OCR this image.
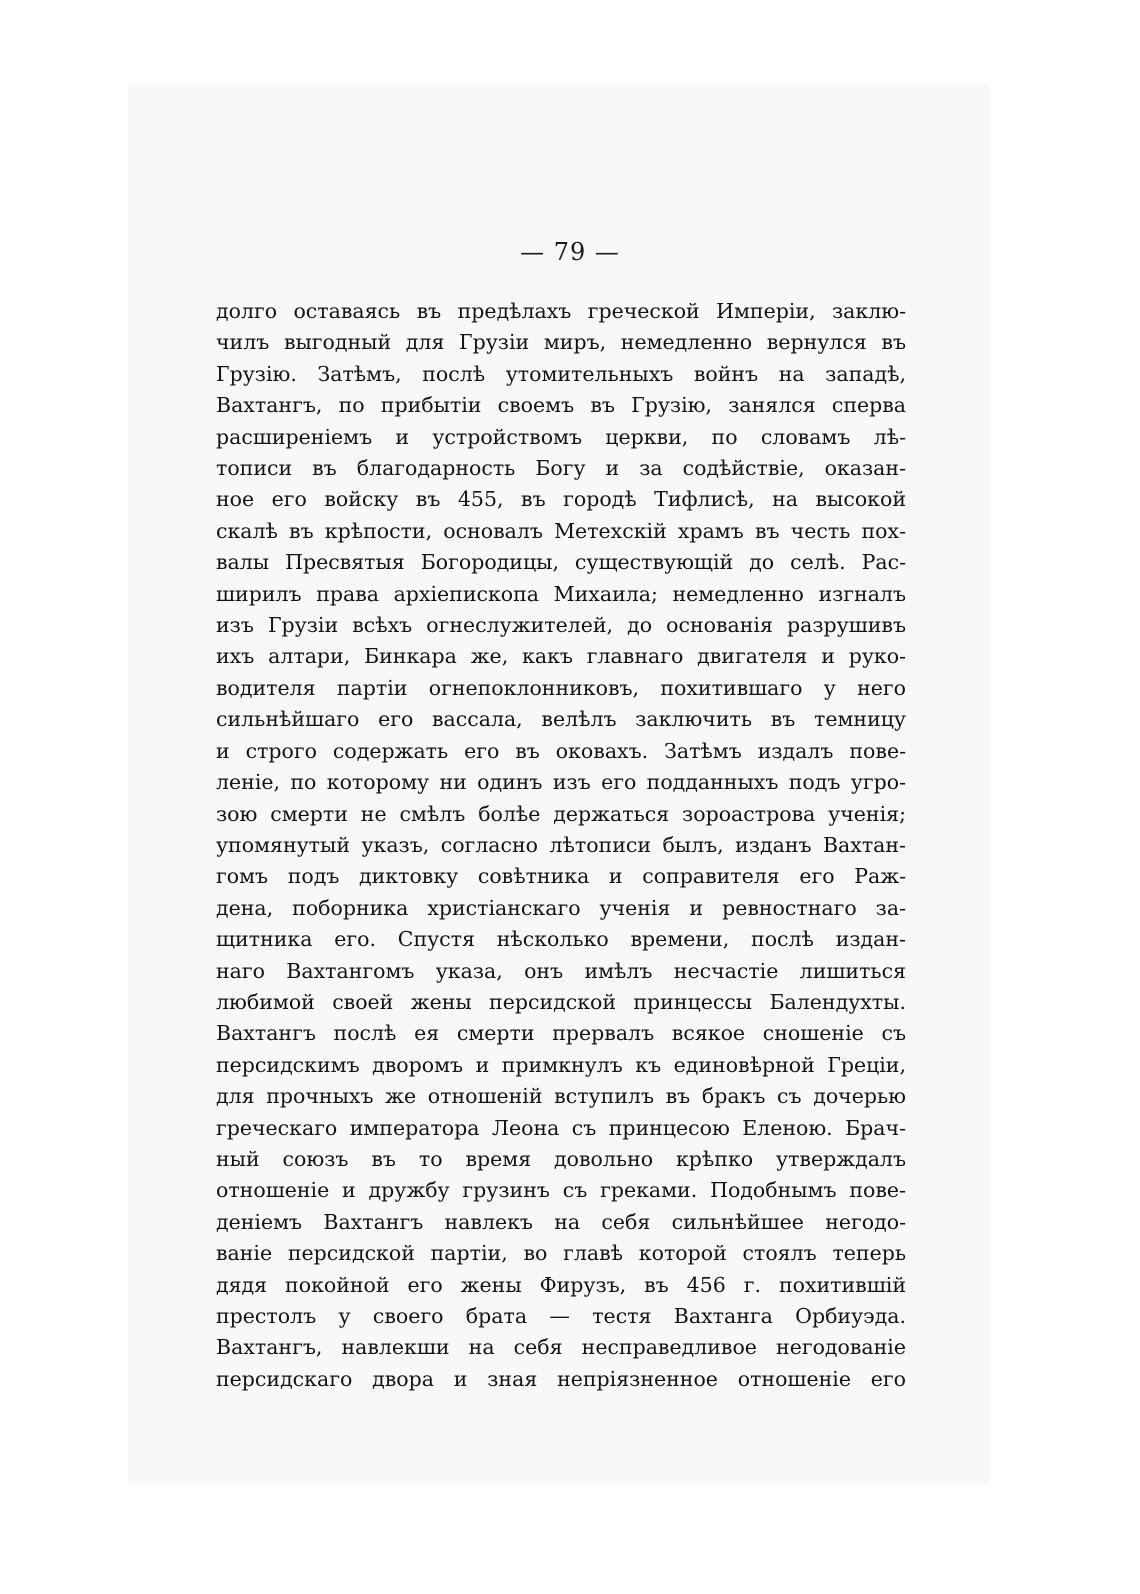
— 79 —
долго оставаясь въ предѣлахъ греческой Имперіи, заклю-
чилъ выгодный для Грузіи миръ, немедленно вернулся въ
Грузію. Затѣмъ, послѣ утомительныхъ войнъ на западѣ,
Вахтангъ, по прибытіи своемъ въ Грузію, занялся сперва
расширеніемъ и устройствомъ церкви, по словамъ лѣ-
тописи въ благодарность Богу и за содѣйствіе, оказан-
ное его войску въ 455, въ городѣ Тифлисѣ, на высокой
скалѣ въ крѣпости, основалъ Метехскій храмъ въ честь пох-
валы Пресвятыя Богородицы, существующій до селѣ. Рас-
ширилъ права архіепископа Михаила; немедленно изгналъ
изъ Грузіи всѣхъ огнеслужителей, до основанія разрушивъ
ихъ алтари, Бинкара же, какъ главнаго двигателя и руко-
водителя партіи огнепоклонниковъ, похитившаго у него
сильнѣйшаго его вассала, велѣлъ заключить въ темницу
и строго содержать его въ оковахъ. Затѣмъ издалъ пове-
леніе, по которому ни одинъ изъ его подданныхъ подъ угро-
зою смерти не смѣлъ болѣе держаться зороастрова ученія;
упомянутый указъ, согласно лѣтописи былъ, изданъ Вахтан-
гомъ подъ диктовку совѣтника и соправителя его Раж-
дена, поборника христіанскаго ученія и ревностнаго за-
щитника его. Спустя нѣсколько времени, послѣ издан-
наго Вахтангомъ указа, онъ имѣлъ несчастіе лишиться
любимой своей жены персидской принцессы Балендухты.
Вахтангъ послѣ ея смерти прервалъ всякое сношеніе съ
персидскимъ дворомъ и примкнулъ къ единовѣрной Греціи,
для прочныхъ же отношеній вступилъ въ бракъ съ дочерью
греческаго императора Леона съ принцесою Еленою. Брач-
ный союзъ въ то время довольно крѣпко утверждалъ
отношеніе и дружбу грузинъ съ греками. Подобнымъ пове-
деніемъ Вахтангъ навлекъ на себя сильнѣйшее негодо-
ваніе персидской партіи, во главѣ которой стоялъ теперь
дядя покойной его жены Фирузъ, въ 456 г. похитившій
престолъ у своего брата — тестя Вахтанга Орбиуэда.
Вахтангъ, навлекши на себя несправедливое негодованіе
персидскаго двора и зная непріязненное отношеніе его
